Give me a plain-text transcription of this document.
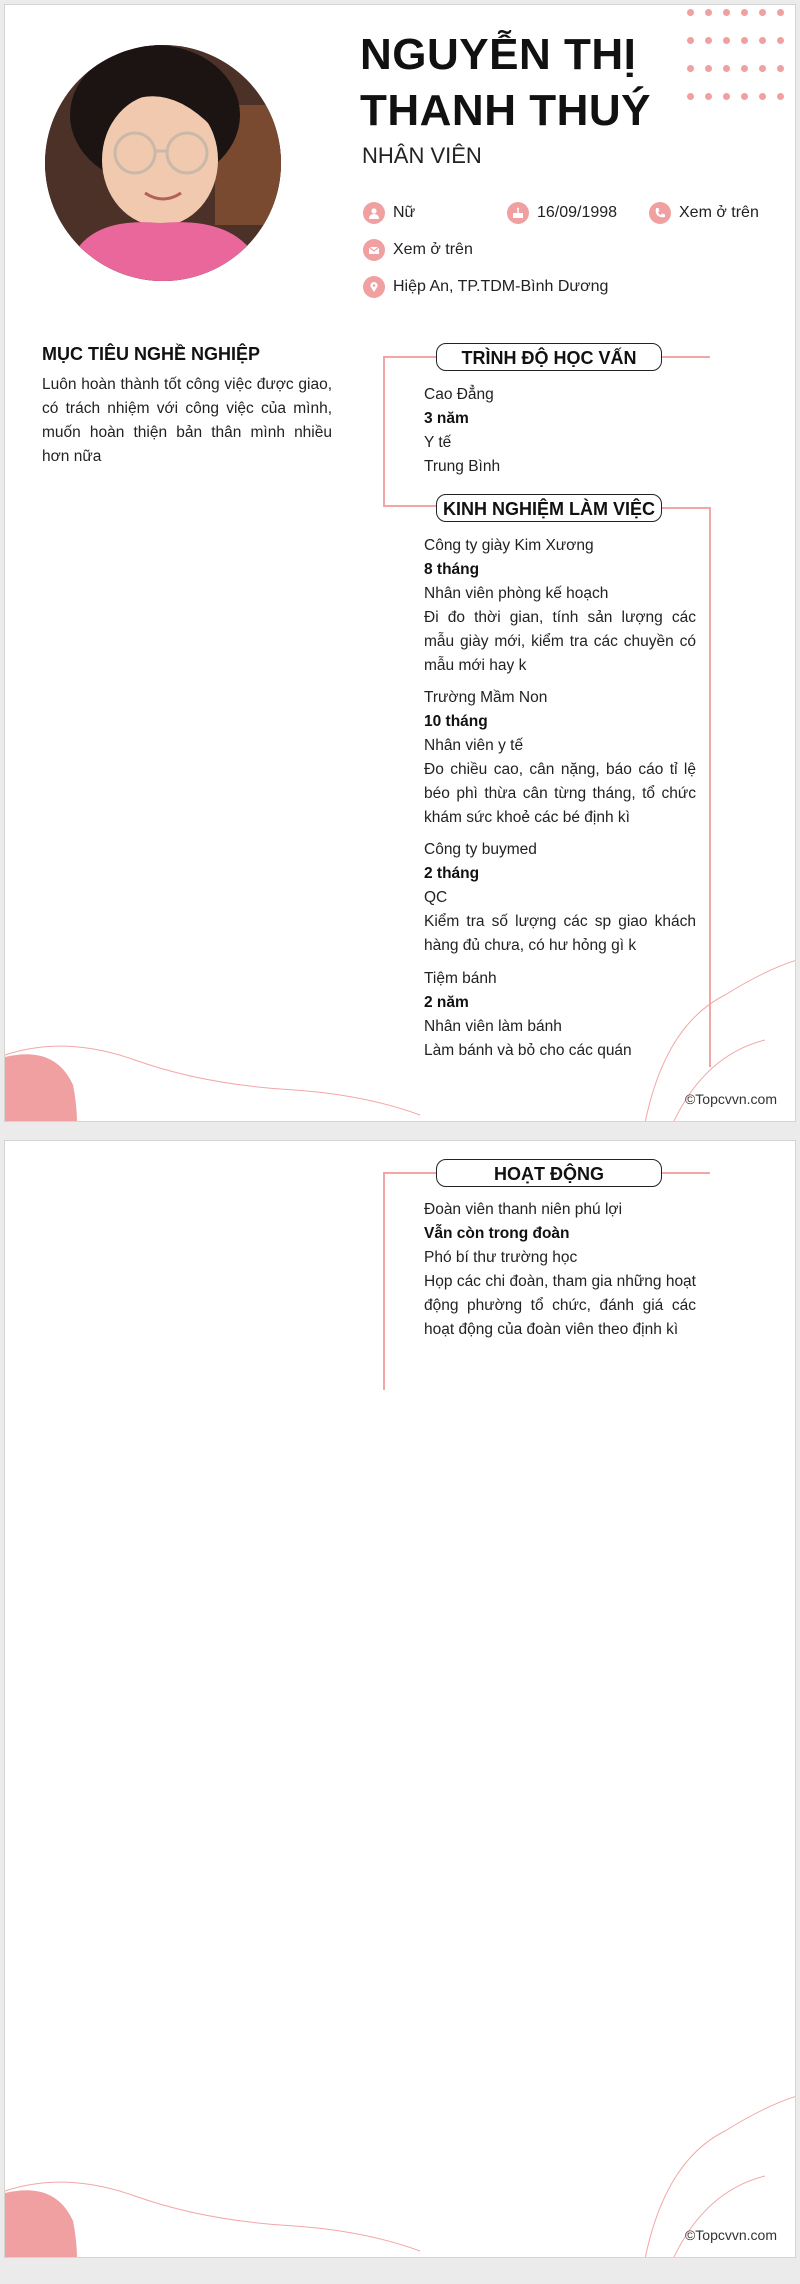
NGUYỄN THỊ
THANH THUÝ
NHÂN VIÊN
Nữ	16/09/1998	Xem ở trên
Xem ở trên
Hiệp An, TP.TDM-Bình Dương
MỤC TIÊU NGHỀ NGHIỆP
Luôn hoàn thành tốt công việc được giao, có trách nhiệm với công việc của mình, muốn hoàn thiện bản thân mình nhiều hơn nữa
TRÌNH ĐỘ HỌC VẤN
Cao Đẳng
3 năm
Y tế
Trung Bình
KINH NGHIỆM LÀM VIỆC
Công ty giày Kim Xương
8 tháng
Nhân viên phòng kế hoạch
Đi đo thời gian, tính sản lượng các mẫu giày mới, kiểm tra các chuyền có mẫu mới hay k
Trường Mầm Non
10 tháng
Nhân viên y tế
Đo chiều cao, cân nặng, báo cáo tỉ lệ béo phì thừa cân từng tháng, tổ chức khám sức khoẻ các bé định kì
Công ty buymed
2 tháng
QC
Kiểm tra số lượng các sp giao khách hàng đủ chưa, có hư hỏng gì k
Tiệm bánh
2 năm
Nhân viên làm bánh
Làm bánh và bỏ cho các quán
©Topcvvn.com
HOẠT ĐỘNG
Đoàn viên thanh niên phú lợi
Vẫn còn trong đoàn
Phó bí thư trường học
Họp các chi đoàn, tham gia những hoạt động phường tổ chức, đánh giá các hoạt động của đoàn viên theo định kì
©Topcvvn.com
